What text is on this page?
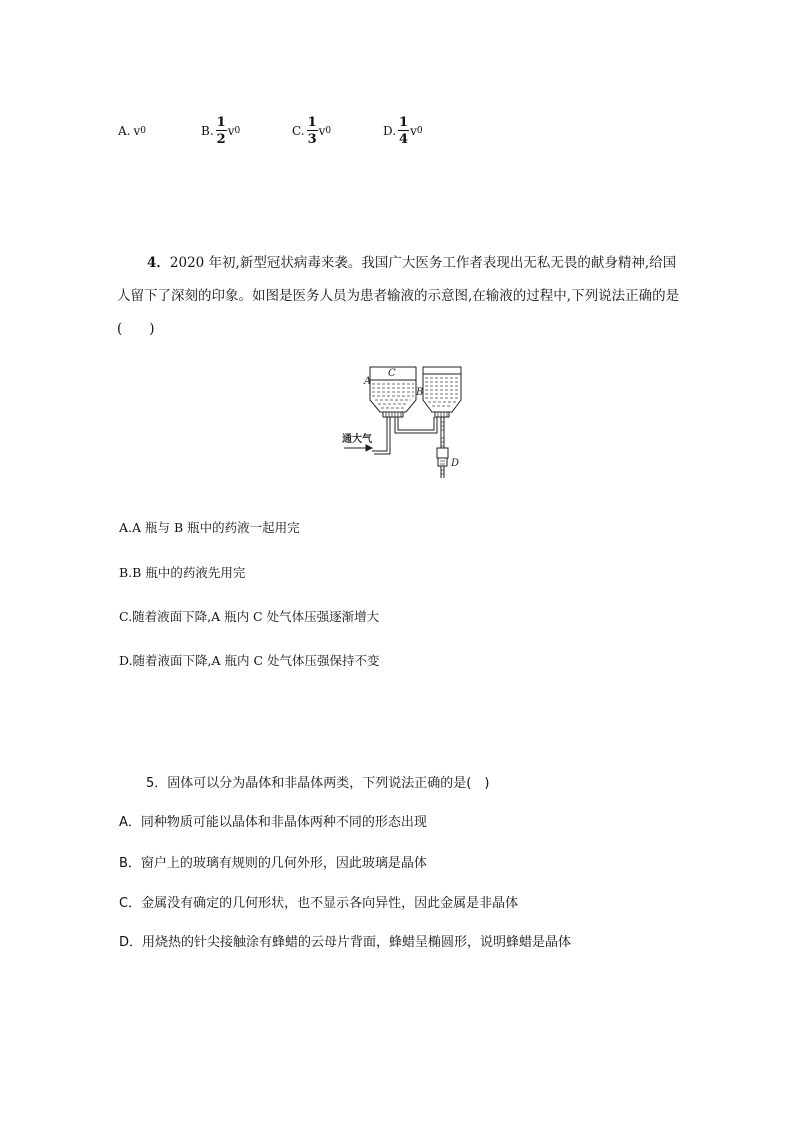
A. v 0	B. $\frac{1}{2}$ v 0	C. $\frac{1}{3}$ v 0	D. $\frac{1}{4}$ v 0
4．2020 年初,新型冠状病毒来袭。我国广大医务工作者表现出无私无畏的献身精神,给国人留下了深刻的印象。如图是医务人员为患者输液的示意图,在输液的过程中,下列说法正确的是　(　　)
A
C
B
D
通大气
A.A 瓶与 B 瓶中的药液一起用完
B.B 瓶中的药液先用完
C.随着液面下降,A 瓶内 C 处气体压强逐渐增大
D.随着液面下降,A 瓶内 C 处气体压强保持不变
5．固体可以分为晶体和非晶体两类，下列说法正确的是(　)
A．同种物质可能以晶体和非晶体两种不同的形态出现
B．窗户上的玻璃有规则的几何外形，因此玻璃是晶体
C．金属没有确定的几何形状，也不显示各向异性，因此金属是非晶体
D．用烧热的针尖接触涂有蜂蜡的云母片背面，蜂蜡呈椭圆形，说明蜂蜡是晶体
